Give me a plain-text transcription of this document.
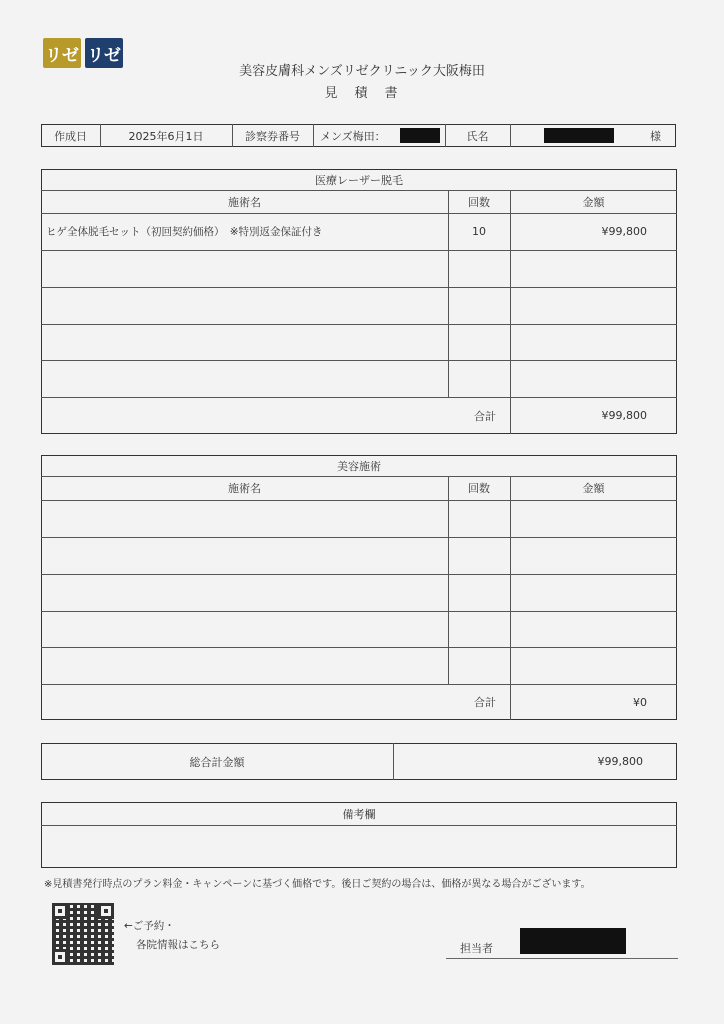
リゼ リゼ
美容皮膚科メンズリゼクリニック大阪梅田
見　積　書
作成日	2025年6月1日	診察券番号	メンズ梅田：	氏名	様
医療レーザー脱毛
施術名	回数	金額
ヒゲ全体脱毛セット（初回契約価格）　※特別返金保証付き	10	¥99,800
合計	¥99,800
美容施術
施術名	回数	金額
合計	¥0
総合計金額	¥99,800
備考欄
※見積書発行時点のプラン料金・キャンペーンに基づく価格です。後日ご契約の場合は、価格が異なる場合がございます。
←ご予約・
各院情報はこちら	担当者
